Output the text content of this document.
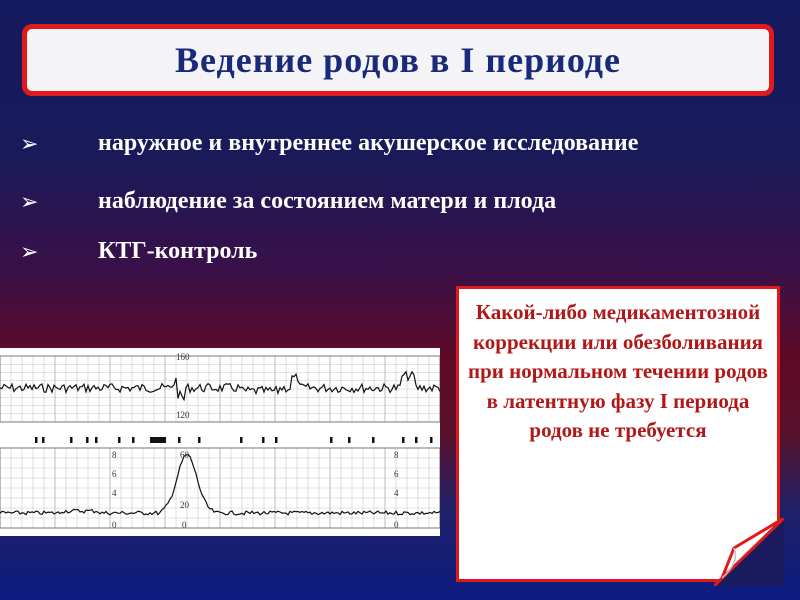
Ведение родов в I периоде
➢	наружное и внутреннее акушерское исследование
➢	наблюдение за состоянием матери и плода
➢	КТГ-контроль
160
120
8
6
4
0
60
20
0
8
6
4
0
Какой-либо медикаментозной коррекции или обезболивания при нормальном течении родов в латентную фазу I периода родов не требуется
